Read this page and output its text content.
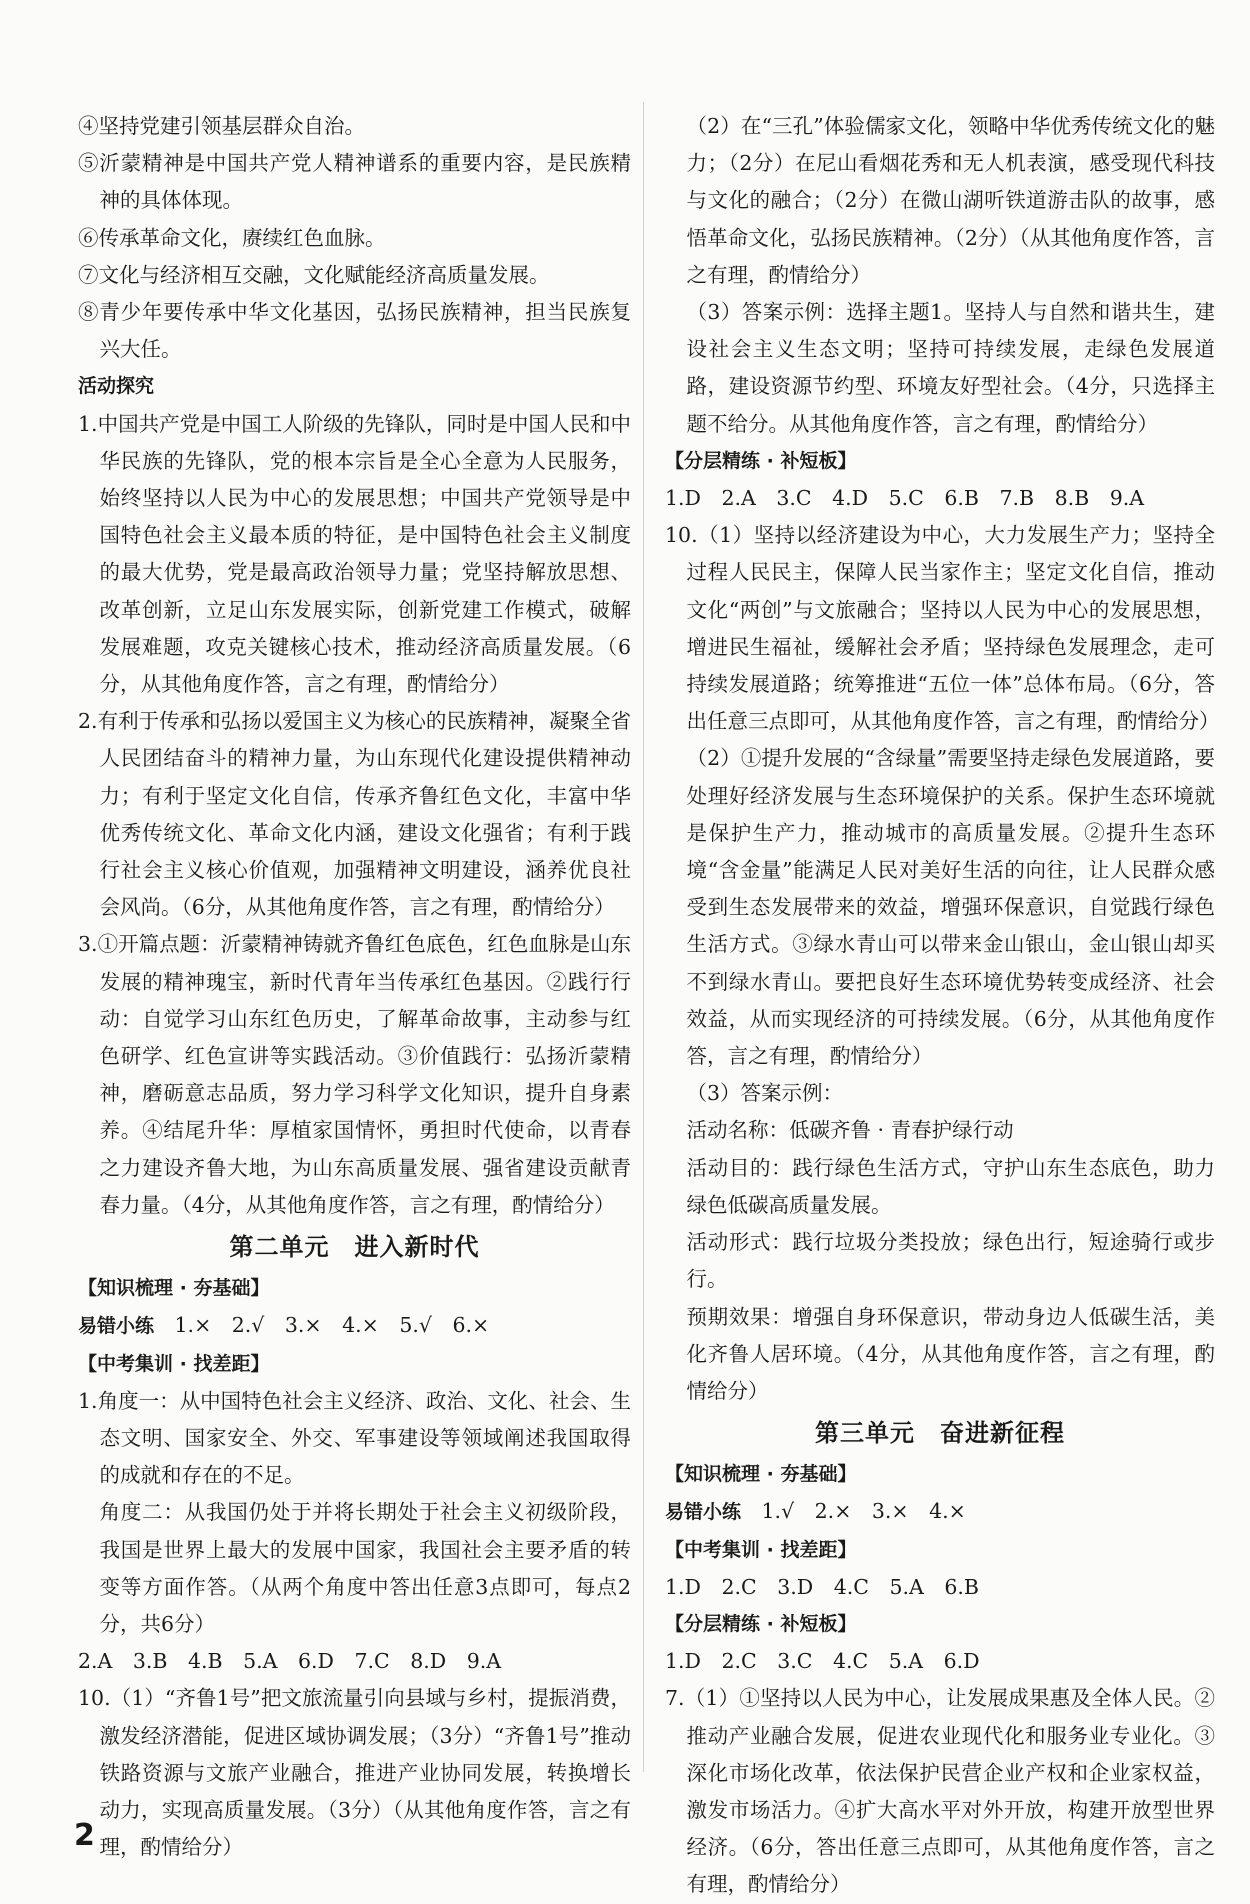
④坚持党建引领基层群众自治。

⑤沂蒙精神是中国共产党人精神谱系的重要内容，是民族精神的具体体现。

⑥传承革命文化，赓续红色血脉。

⑦文化与经济相互交融，文化赋能经济高质量发展。

⑧青少年要传承中华文化基因，弘扬民族精神，担当民族复兴大任。

活动探究

1.中国共产党是中国工人阶级的先锋队，同时是中国人民和中华民族的先锋队，党的根本宗旨是全心全意为人民服务，始终坚持以人民为中心的发展思想；中国共产党领导是中国特色社会主义最本质的特征，是中国特色社会主义制度的最大优势，党是最高政治领导力量；党坚持解放思想、改革创新，立足山东发展实际，创新党建工作模式，破解发展难题，攻克关键核心技术，推动经济高质量发展。（6分，从其他角度作答，言之有理，酌情给分）

2.有利于传承和弘扬以爱国主义为核心的民族精神，凝聚全省人民团结奋斗的精神力量，为山东现代化建设提供精神动力；有利于坚定文化自信，传承齐鲁红色文化，丰富中华优秀传统文化、革命文化内涵，建设文化强省；有利于践行社会主义核心价值观，加强精神文明建设，涵养优良社会风尚。（6分，从其他角度作答，言之有理，酌情给分）

3.①开篇点题：沂蒙精神铸就齐鲁红色底色，红色血脉是山东发展的精神瑰宝，新时代青年当传承红色基因。②践行行动：自觉学习山东红色历史，了解革命故事，主动参与红色研学、红色宣讲等实践活动。③价值践行：弘扬沂蒙精神，磨砺意志品质，努力学习科学文化知识，提升自身素养。④结尾升华：厚植家国情怀，勇担时代使命，以青春之力建设齐鲁大地，为山东高质量发展、强省建设贡献青春力量。（4分，从其他角度作答，言之有理，酌情给分）

第二单元　进入新时代

【知识梳理 · 夯基础】

易错小练　 1.×　2.√　3.×　4.×　5.√　6.×

【中考集训 · 找差距】

1.角度一：从中国特色社会主义经济、政治、文化、社会、生态文明、国家安全、外交、军事建设等领域阐述我国取得的成就和存在的不足。

角度二：从我国仍处于并将长期处于社会主义初级阶段，我国是世界上最大的发展中国家，我国社会主要矛盾的转变等方面作答。（从两个角度中答出任意3点即可，每点2分，共6分）

2.A　3.B　4.B　5.A　6.D　7.C　8.D　9.A

10.（1）“齐鲁1号”把文旅流量引向县域与乡村，提振消费，激发经济潜能，促进区域协调发展；（3分）“齐鲁1号”推动铁路资源与文旅产业融合，推进产业协同发展，转换增长动力，实现高质量发展。（3分）（从其他角度作答，言之有理，酌情给分）

（2）在“三孔”体验儒家文化，领略中华优秀传统文化的魅力；（2分）在尼山看烟花秀和无人机表演，感受现代科技与文化的融合；（2分）在微山湖听铁道游击队的故事，感悟革命文化，弘扬民族精神。（2分）（从其他角度作答，言之有理，酌情给分）

（3）答案示例：选择主题1。坚持人与自然和谐共生，建设社会主义生态文明；坚持可持续发展，走绿色发展道路，建设资源节约型、环境友好型社会。（4分，只选择主题不给分。从其他角度作答，言之有理，酌情给分）

【分层精练 · 补短板】

1.D　2.A　3.C　4.D　5.C　6.B　7.B　8.B　9.A

10.（1）坚持以经济建设为中心，大力发展生产力；坚持全过程人民民主，保障人民当家作主；坚定文化自信，推动文化“两创”与文旅融合；坚持以人民为中心的发展思想，增进民生福祉，缓解社会矛盾；坚持绿色发展理念，走可持续发展道路；统筹推进“五位一体”总体布局。（6分，答出任意三点即可，从其他角度作答，言之有理，酌情给分）

（2）①提升发展的“含绿量”需要坚持走绿色发展道路，要处理好经济发展与生态环境保护的关系。保护生态环境就是保护生产力，推动城市的高质量发展。②提升生态环境“含金量”能满足人民对美好生活的向往，让人民群众感受到生态发展带来的效益，增强环保意识，自觉践行绿色生活方式。③绿水青山可以带来金山银山，金山银山却买不到绿水青山。要把良好生态环境优势转变成经济、社会效益，从而实现经济的可持续发展。（6分，从其他角度作答，言之有理，酌情给分）

（3）答案示例：

活动名称：低碳齐鲁 · 青春护绿行动

活动目的：践行绿色生活方式，守护山东生态底色，助力绿色低碳高质量发展。

活动形式：践行垃圾分类投放；绿色出行，短途骑行或步行。

预期效果：增强自身环保意识，带动身边人低碳生活，美化齐鲁人居环境。（4分，从其他角度作答，言之有理，酌情给分）

第三单元　奋进新征程

【知识梳理 · 夯基础】

易错小练　 1.√　2.×　3.×　4.×

【中考集训 · 找差距】

1.D　2.C　3.D　4.C　5.A　6.B

【分层精练 · 补短板】

1.D　2.C　3.C　4.C　5.A　6.D

7.（1）①坚持以人民为中心，让发展成果惠及全体人民。②推动产业融合发展，促进农业现代化和服务业专业化。③深化市场化改革，依法保护民营企业产权和企业家权益，激发市场活力。④扩大高水平对外开放，构建开放型世界经济。（6分，答出任意三点即可，从其他角度作答，言之有理，酌情给分）

2
